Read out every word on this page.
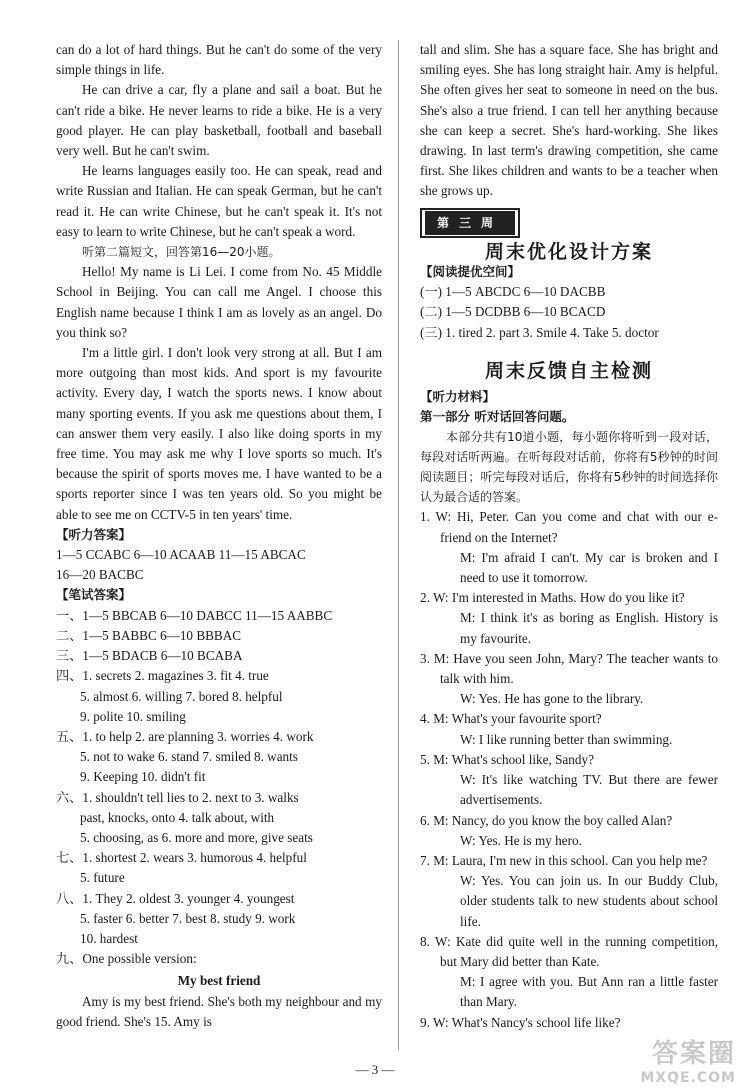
can do a lot of hard things. But he can't do some of the very simple things in life.

He can drive a car, fly a plane and sail a boat. But he can't ride a bike. He never learns to ride a bike. He is a very good player. He can play basketball, football and baseball very well. But he can't swim.

He learns languages easily too. He can speak, read and write Russian and Italian. He can speak German, but he can't read it. He can write Chinese, but he can't speak it. It's not easy to learn to write Chinese, but he can't speak a word.

听第二篇短文，回答第16—20小题。

Hello! My name is Li Lei. I come from No. 45 Middle School in Beijing. You can call me Angel. I choose this English name because I think I am as lovely as an angel. Do you think so?

I'm a little girl. I don't look very strong at all. But I am more outgoing than most kids. And sport is my favourite activity. Every day, I watch the sports news. I know about many sporting events. If you ask me questions about them, I can answer them very easily. I also like doing sports in my free time. You may ask me why I love sports so much. It's because the spirit of sports moves me. I have wanted to be a sports reporter since I was ten years old. So you might be able to see me on CCTV-5 in ten years' time.

【听力答案】

1—5 CCABC 6—10 ACAAB 11—15 ABCAC

16—20 BACBC

【笔试答案】

一、1—5 BBCAB 6—10 DABCC 11—15 AABBC

二、1—5 BABBC 6—10 BBBAC

三、1—5 BDACB 6—10 BCABA

四、1. secrets 2. magazines 3. fit 4. true

5. almost 6. willing 7. bored 8. helpful

9. polite 10. smiling

五、1. to help 2. are planning 3. worries 4. work

5. not to wake 6. stand 7. smiled 8. wants

9. Keeping 10. didn't fit

六、1. shouldn't tell lies to 2. next to 3. walks

past, knocks, onto 4. talk about, with

5. choosing, as 6. more and more, give seats

七、1. shortest 2. wears 3. humorous 4. helpful

5. future

八、1. They 2. oldest 3. younger 4. youngest

5. faster 6. better 7. best 8. study 9. work

10. hardest

九、One possible version:

My best friend

Amy is my best friend. She's both my neighbour and my good friend. She's 15. Amy is

tall and slim. She has a square face. She has bright and smiling eyes. She has long straight hair. Amy is helpful. She often gives her seat to someone in need on the bus. She's also a true friend. I can tell her anything because she can keep a secret. She's hard-working. She likes drawing. In last term's drawing competition, she came first. She likes children and wants to be a teacher when she grows up.

第三周

周末优化设计方案

【阅读提优空间】

(一) 1—5 ABCDC 6—10 DACBB

(二) 1—5 DCDBB 6—10 BCACD

(三) 1. tired 2. part 3. Smile 4. Take 5. doctor

周末反馈自主检测

【听力材料】

第一部分 听对话回答问题。

本部分共有10道小题，每小题你将听到一段对话，每段对话听两遍。在听每段对话前，你将有5秒钟的时间阅读题目；听完每段对话后，你将有5秒钟的时间选择你认为最合适的答案。

1. W: Hi, Peter. Can you come and chat with our e-friend on the Internet?

M: I'm afraid I can't. My car is broken and I need to use it tomorrow.

2. W: I'm interested in Maths. How do you like it?

M: I think it's as boring as English. History is my favourite.

3. M: Have you seen John, Mary? The teacher wants to talk with him.

W: Yes. He has gone to the library.

4. M: What's your favourite sport?

W: I like running better than swimming.

5. M: What's school like, Sandy?

W: It's like watching TV. But there are fewer advertisements.

6. M: Nancy, do you know the boy called Alan?

W: Yes. He is my hero.

7. M: Laura, I'm new in this school. Can you help me?

W: Yes. You can join us. In our Buddy Club, older students talk to new students about school life.

8. W: Kate did quite well in the running competition, but Mary did better than Kate.

M: I agree with you. But Ann ran a little faster than Mary.

9. W: What's Nancy's school life like?

— 3 —
答案圈
MXQE.COM
